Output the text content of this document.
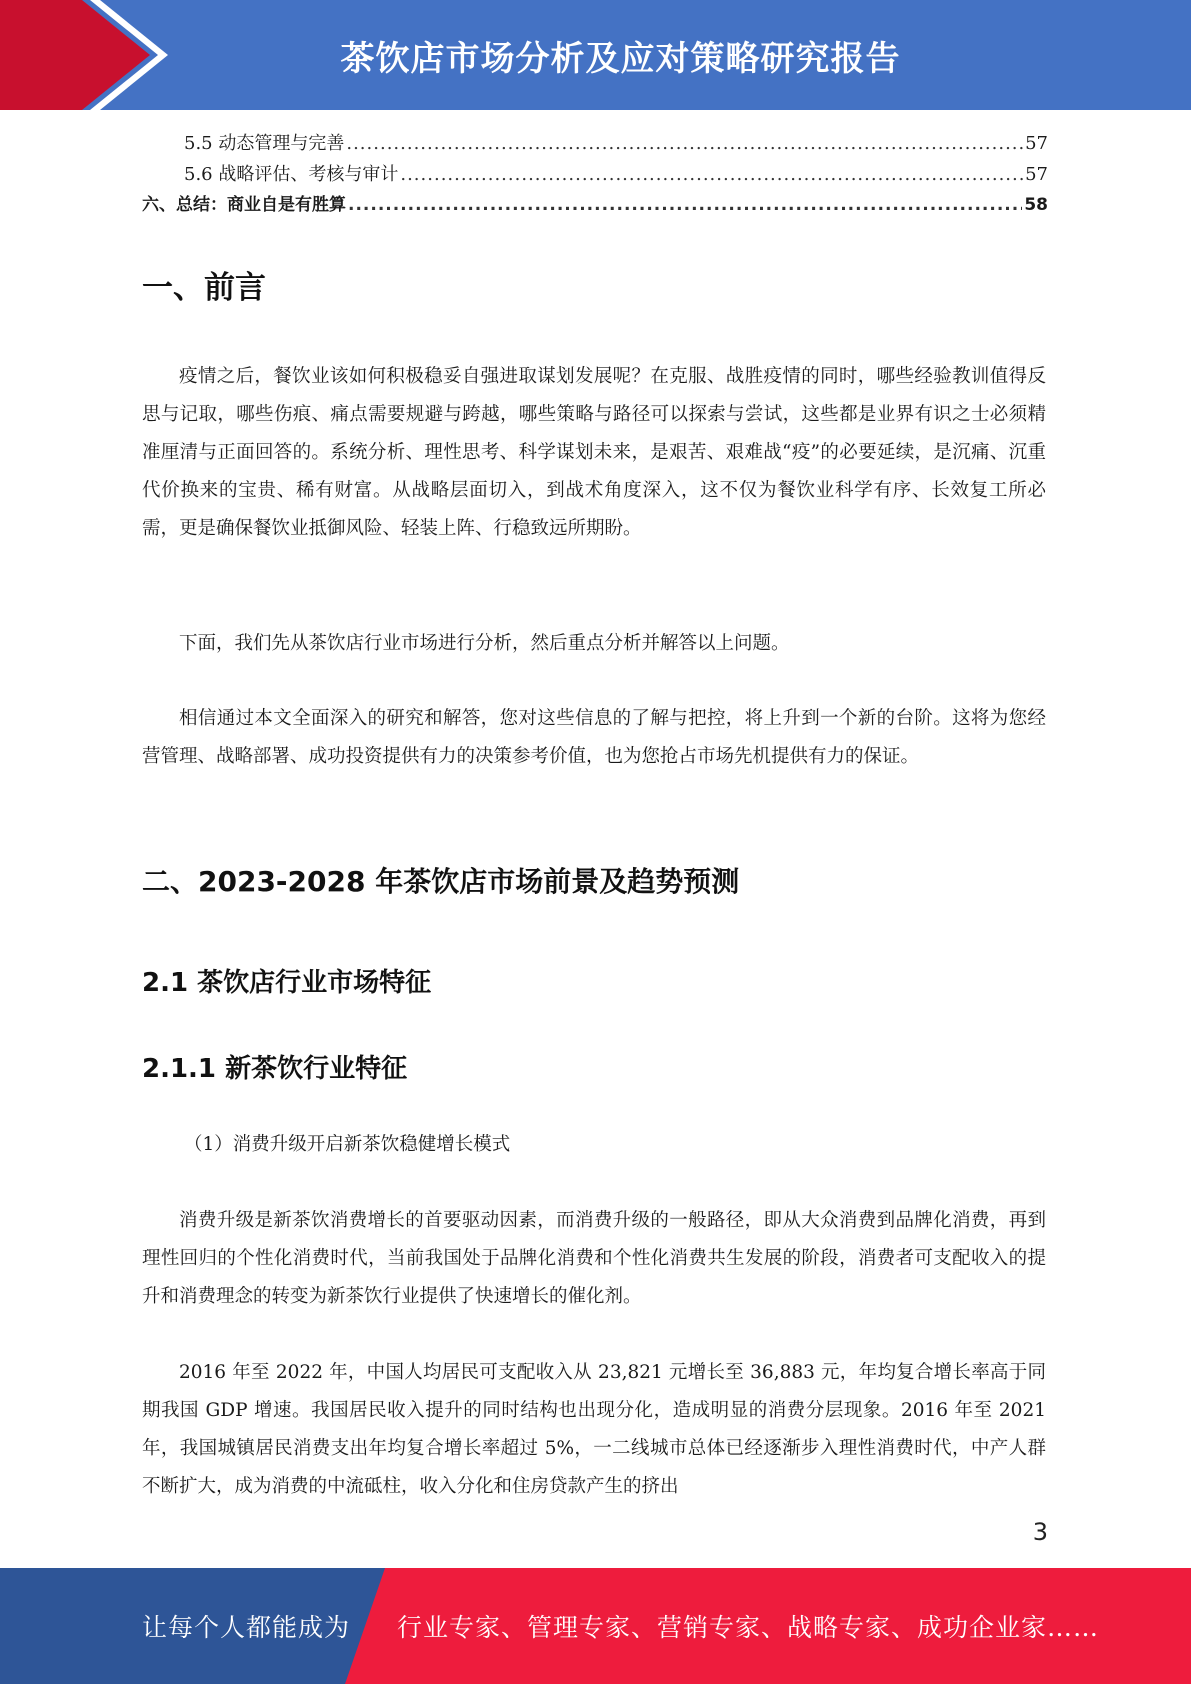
茶饮店市场分析及应对策略研究报告
5.5 动态管理与完善 .....	57
5.6 战略评估、考核与审计 .....	57
六、总结：商业自是有胜算 .....	58
一、前言

疫情之后，餐饮业该如何积极稳妥自强进取谋划发展呢？在克服、战胜疫情的同时，哪些经验教训值得反思与记取，哪些伤痕、痛点需要规避与跨越，哪些策略与路径可以探索与尝试，这些都是业界有识之士必须精准厘清与正面回答的。系统分析、理性思考、科学谋划未来，是艰苦、艰难战“疫”的必要延续，是沉痛、沉重代价换来的宝贵、稀有财富。从战略层面切入，到战术角度深入，这不仅为餐饮业科学有序、长效复工所必需，更是确保餐饮业抵御风险、轻装上阵、行稳致远所期盼。

下面，我们先从茶饮店行业市场进行分析，然后重点分析并解答以上问题。

相信通过本文全面深入的研究和解答，您对这些信息的了解与把控，将上升到一个新的台阶。这将为您经营管理、战略部署、成功投资提供有力的决策参考价值，也为您抢占市场先机提供有力的保证。

二、2023-2028 年茶饮店市场前景及趋势预测
2.1 茶饮店行业市场特征
2.1.1 新茶饮行业特征

（1）消费升级开启新茶饮稳健增长模式

消费升级是新茶饮消费增长的首要驱动因素，而消费升级的一般路径，即从大众消费到品牌化消费，再到理性回归的个性化消费时代，当前我国处于品牌化消费和个性化消费共生发展的阶段，消费者可支配收入的提升和消费理念的转变为新茶饮行业提供了快速增长的催化剂。

2016 年至 2022 年，中国人均居民可支配收入从 23,821 元增长至 36,883 元，年均复合增长率高于同期我国 GDP 增速。我国居民收入提升的同时结构也出现分化，造成明显的消费分层现象。2016 年至 2021 年，我国城镇居民消费支出年均复合增长率超过 5%，一二线城市总体已经逐渐步入理性消费时代，中产人群不断扩大，成为消费的中流砥柱，收入分化和住房贷款产生的挤出

3
让每个人都能成为 行业专家、管理专家、营销专家、战略专家、成功企业家……
